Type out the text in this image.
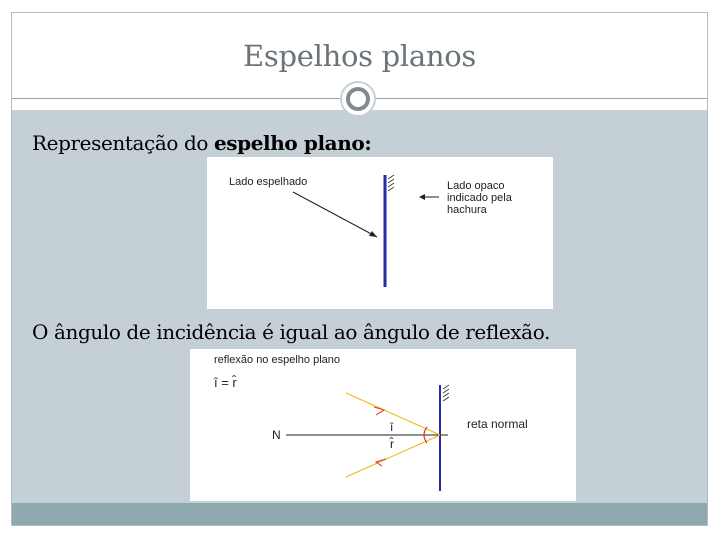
Espelhos planos
Representação do espelho plano:
Lado espelhado	Lado opaco
indicado pela
hachura
O ângulo de incidência é igual ao ângulo de reflexão.
reflexão no espelho plano
î = r̂
N
reta normal
î
r̂
